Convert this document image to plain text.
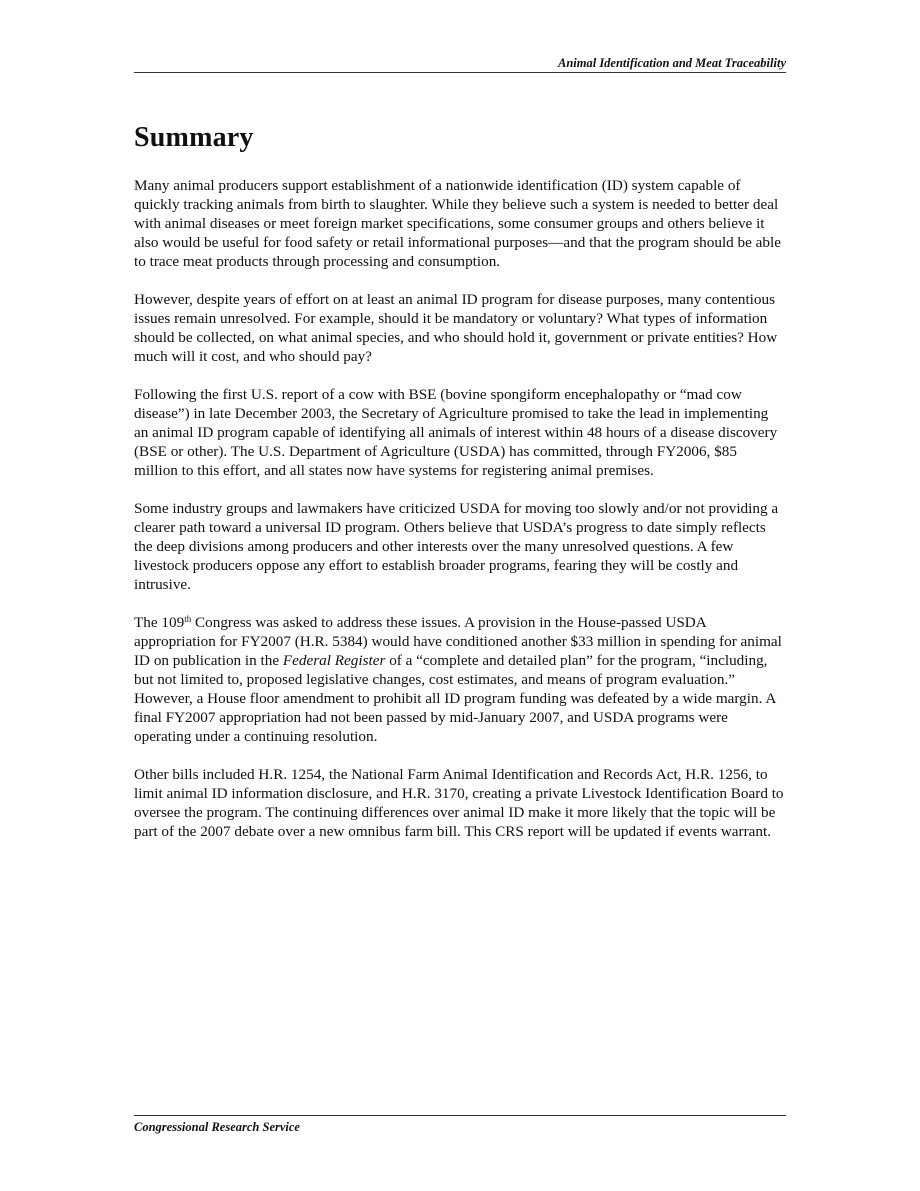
Animal Identification and Meat Traceability
Summary

Many animal producers support establishment of a nationwide identification (ID) system capable of quickly tracking animals from birth to slaughter. While they believe such a system is needed to better deal with animal diseases or meet foreign market specifications, some consumer groups and others believe it also would be useful for food safety or retail informational purposes—and that the program should be able to trace meat products through processing and consumption.

However, despite years of effort on at least an animal ID program for disease purposes, many contentious issues remain unresolved. For example, should it be mandatory or voluntary? What types of information should be collected, on what animal species, and who should hold it, government or private entities? How much will it cost, and who should pay?

Following the first U.S. report of a cow with BSE (bovine spongiform encephalopathy or “mad cow disease”) in late December 2003, the Secretary of Agriculture promised to take the lead in implementing an animal ID program capable of identifying all animals of interest within 48 hours of a disease discovery (BSE or other). The U.S. Department of Agriculture (USDA) has committed, through FY2006, $85 million to this effort, and all states now have systems for registering animal premises.

Some industry groups and lawmakers have criticized USDA for moving too slowly and/or not providing a clearer path toward a universal ID program. Others believe that USDA’s progress to date simply reflects the deep divisions among producers and other interests over the many unresolved questions. A few livestock producers oppose any effort to establish broader programs, fearing they will be costly and intrusive.

The 109th Congress was asked to address these issues. A provision in the House-passed USDA appropriation for FY2007 (H.R. 5384) would have conditioned another $33 million in spending for animal ID on publication in the Federal Register of a “complete and detailed plan” for the program, “including, but not limited to, proposed legislative changes, cost estimates, and means of program evaluation.” However, a House floor amendment to prohibit all ID program funding was defeated by a wide margin. A final FY2007 appropriation had not been passed by mid-January 2007, and USDA programs were operating under a continuing resolution.

Other bills included H.R. 1254, the National Farm Animal Identification and Records Act, H.R. 1256, to limit animal ID information disclosure, and H.R. 3170, creating a private Livestock Identification Board to oversee the program. The continuing differences over animal ID make it more likely that the topic will be part of the 2007 debate over a new omnibus farm bill. This CRS report will be updated if events warrant.

Congressional Research Service
